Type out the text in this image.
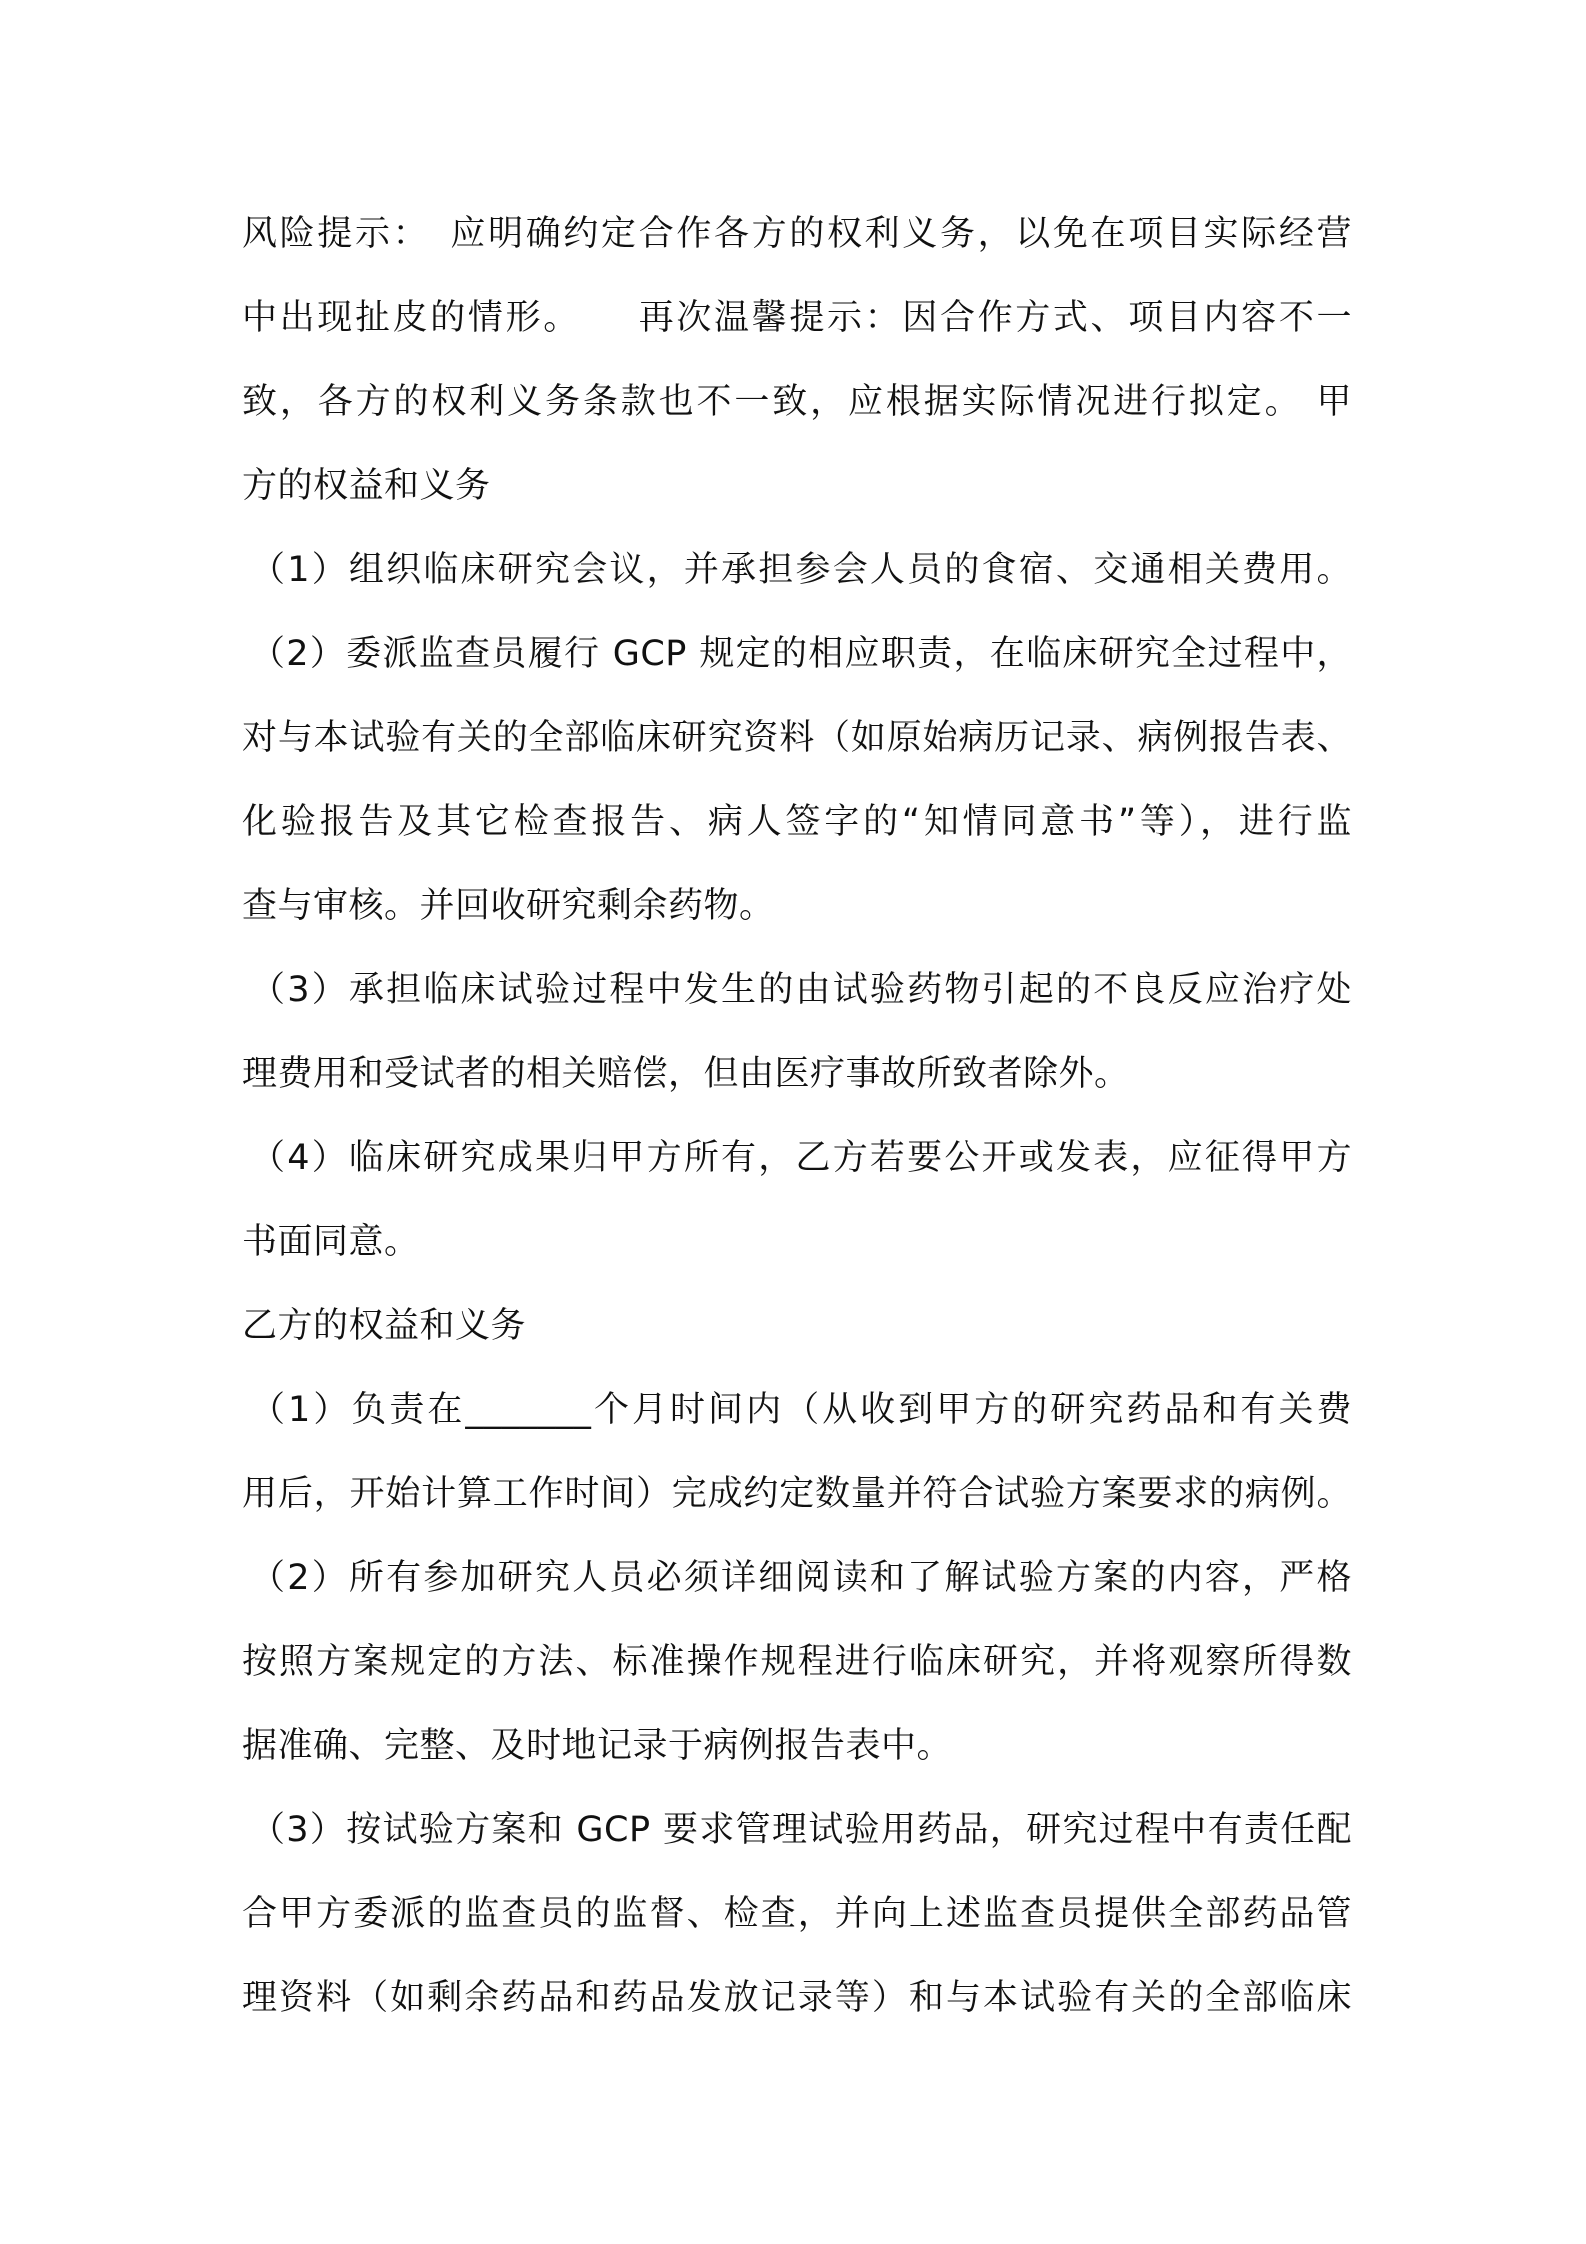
风险提示：　应明确约定合作各方的权利义务，以免在项目实际经营
中出现扯皮的情形。　　再次温馨提示：因合作方式、项目内容不一
致，各方的权利义务条款也不一致，应根据实际情况进行拟定。 甲
方的权益和义务
（1）组织临床研究会议，并承担参会人员的食宿、交通相关费用。
（2）委派监查员履行 GCP 规定的相应职责，在临床研究全过程中，
对与本试验有关的全部临床研究资料（如原始病历记录、病例报告表、
化验报告及其它检查报告、病人签字的“知情同意书”等），进行监
查与审核。并回收研究剩余药物。
（3）承担临床试验过程中发生的由试验药物引起的不良反应治疗处
理费用和受试者的相关赔偿，但由医疗事故所致者除外。
（4）临床研究成果归甲方所有，乙方若要公开或发表，应征得甲方
书面同意。
乙方的权益和义务
（1）负责在_______个月时间内（从收到甲方的研究药品和有关费
用后，开始计算工作时间）完成约定数量并符合试验方案要求的病例。
（2）所有参加研究人员必须详细阅读和了解试验方案的内容，严格
按照方案规定的方法、标准操作规程进行临床研究，并将观察所得数
据准确、完整、及时地记录于病例报告表中。
（3）按试验方案和 GCP 要求管理试验用药品，研究过程中有责任配
合甲方委派的监查员的监督、检查，并向上述监查员提供全部药品管
理资料（如剩余药品和药品发放记录等）和与本试验有关的全部临床
